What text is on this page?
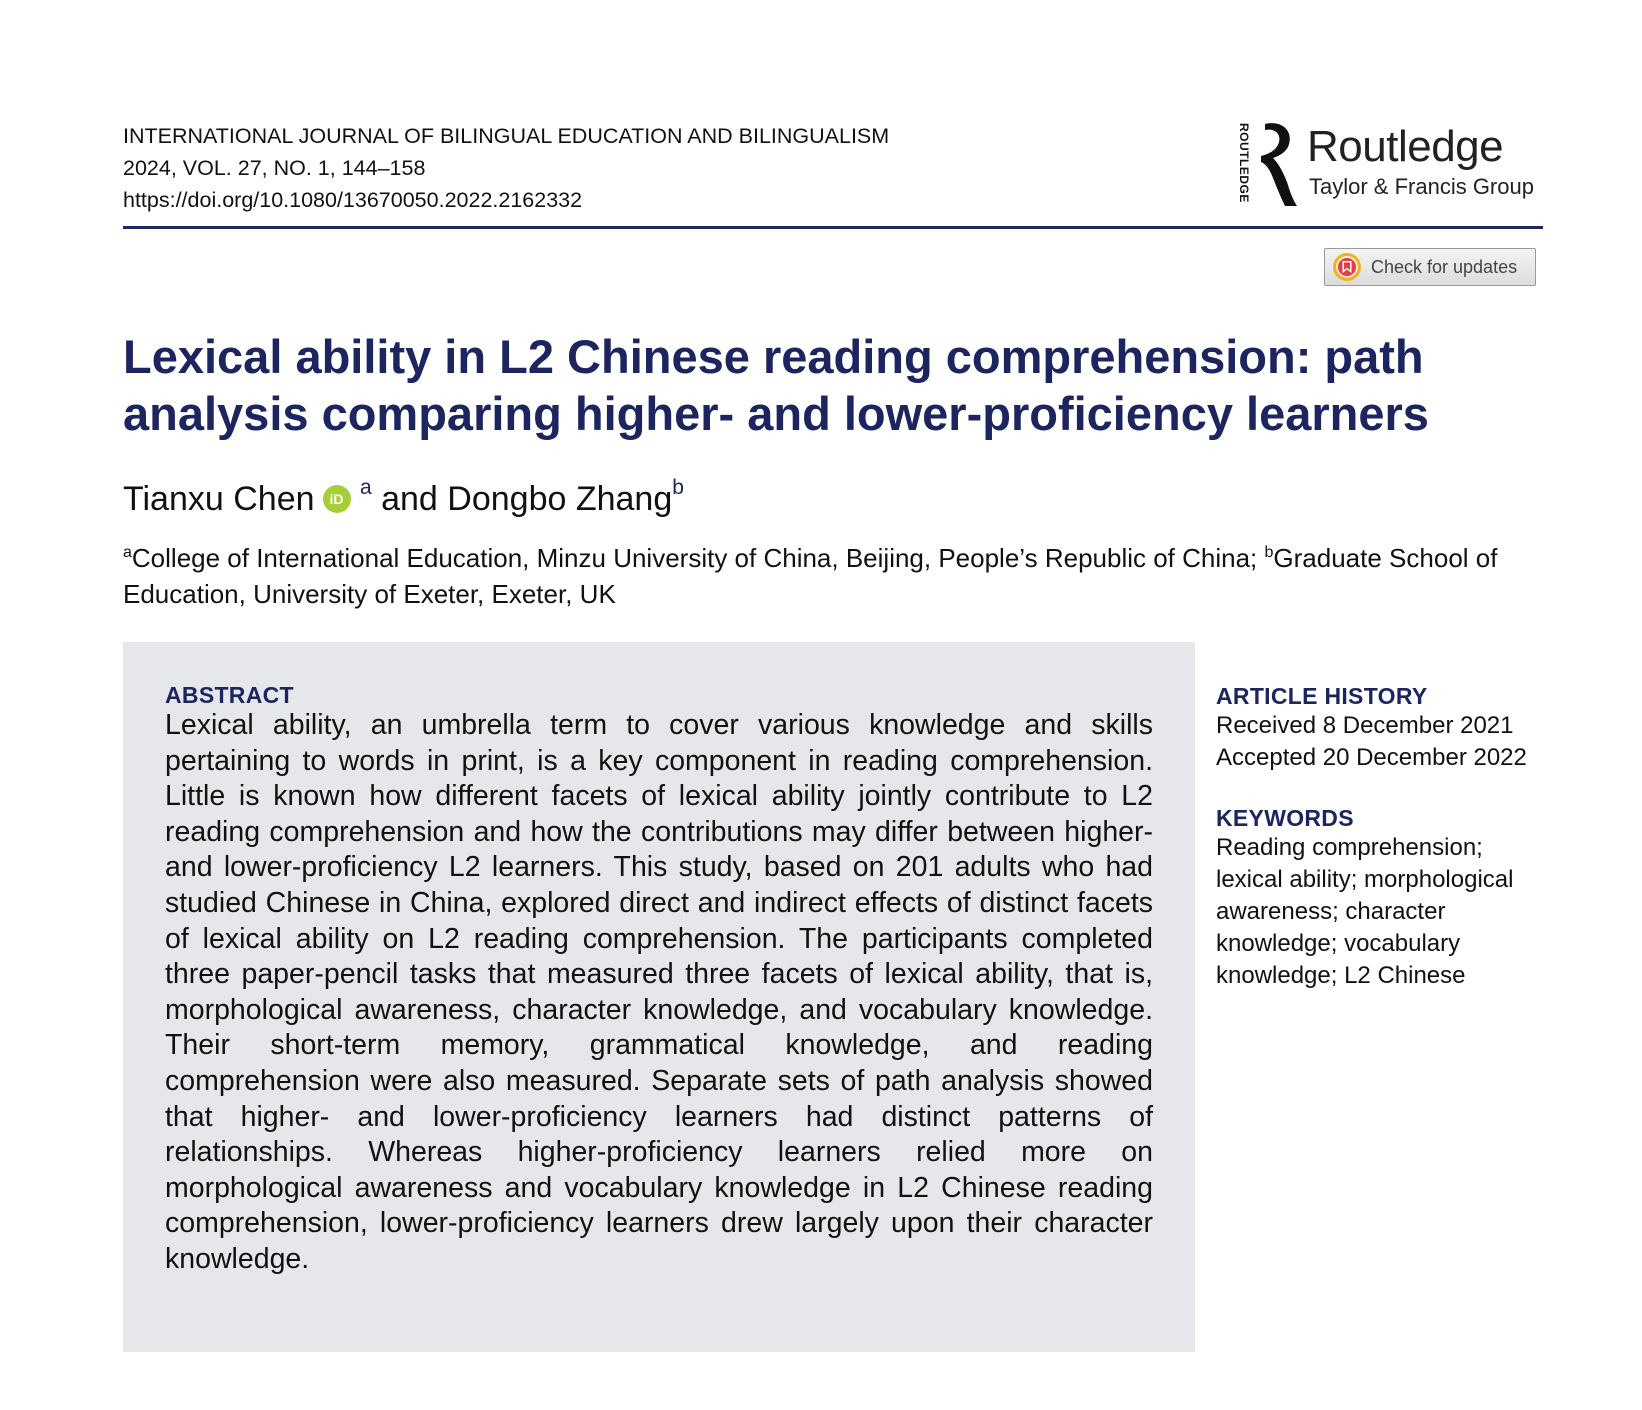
INTERNATIONAL JOURNAL OF BILINGUAL EDUCATION AND BILINGUALISM
2024, VOL. 27, NO. 1, 144–158
https://doi.org/10.1080/13670050.2022.2162332	ROUTLEDGE Routledge
Taylor & Francis Group
Check for updates
Lexical ability in L2 Chinese reading comprehension: path analysis comparing higher- and lower-proficiency learners
Tianxu Chen iD $^a$ and Dongbo Zhang$^b$
$^a$College of International Education, Minzu University of China, Beijing, People’s Republic of China; $^b$Graduate School of Education, University of Exeter, Exeter, UK
ABSTRACT

Lexical ability, an umbrella term to cover various knowledge and skills pertaining to words in print, is a key component in reading comprehension. Little is known how different facets of lexical ability jointly contribute to L2 reading comprehension and how the contributions may differ between higher- and lower-proficiency L2 learners. This study, based on 201 adults who had studied Chinese in China, explored direct and indirect effects of distinct facets of lexical ability on L2 reading comprehension. The participants completed three paper-pencil tasks that measured three facets of lexical ability, that is, morphological awareness, character knowledge, and vocabulary knowledge. Their short-term memory, grammatical knowledge, and reading comprehension were also measured. Separate sets of path analysis showed that higher- and lower-proficiency learners had distinct patterns of relationships. Whereas higher-proficiency learners relied more on morphological awareness and vocabulary knowledge in L2 Chinese reading comprehension, lower-proficiency learners drew largely upon their character knowledge.

ARTICLE HISTORY
Received 8 December 2021
Accepted 20 December 2022
KEYWORDS
Reading comprehension; lexical ability; morphological awareness; character knowledge; vocabulary knowledge; L2 Chinese
